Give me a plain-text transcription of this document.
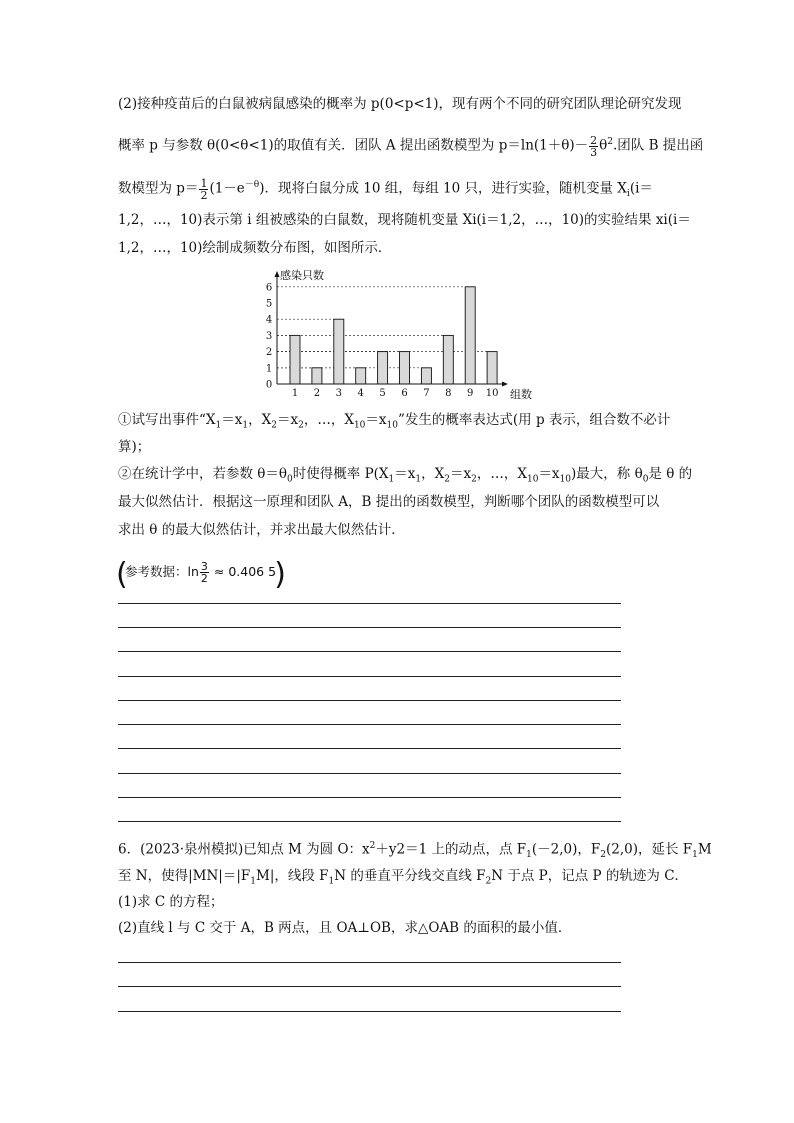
(2)接种疫苗后的白鼠被病鼠感染的概率为 p(0<p<1)，现有两个不同的研究团队理论研究发现
概率 p 与参数 θ(0<θ<1)的取值有关．团队 A 提出函数模型为 $p=\ln(1+\theta)- \frac{2}{3} \theta^2$.团队 B 提出函
数模型为 $p= \frac{1}{2} (1-e^{-\theta})$．现将白鼠分成 10 组，每组 10 只，进行实验，随机变量 $X_i(i=$
1,2，…，10)表示第 i 组被感染的白鼠数，现将随机变量 Xi(i＝1,2，…，10)的实验结果 xi(i＝
1,2，…，10)绘制成频数分布图，如图所示．
感染只数
组数
0
1
2
3
4
5
6
1 2 3 4 5 6 7 8 9 10
①试写出事件“$X_1=x_1$，$X_2=x_2$，…，$X_{10}=x_{10}$”发生的概率表达式(用 p 表示，组合数不必计
算)；
②在统计学中，若参数 $\theta=\theta_0$时使得概率 $P(X_1=x_1$，$X_2=x_2$，…，$X_{10}=x_{10}$)最大，称 $\theta_0$是 θ 的
最大似然估计．根据这一原理和团队 A，B 提出的函数模型，判断哪个团队的函数模型可以
求出 θ 的最大似然估计，并求出最大似然估计．
(	)
参考数据：$\ln \frac{3}{2} \approx 0.406$ 5
6．(2023·泉州模拟)已知点 M 为圆 O：$x^2+y2=1$ 上的动点，点 $F_1(-2,0)$，$F_2(2,0)$，延长 $F_1M$
至 N，使得$|MN|=|F_1M|$，线段 $F_1N$ 的垂直平分线交直线 $F_2N$ 于点 P，记点 P 的轨迹为 C．
(1)求 C 的方程；
(2)直线 l 与 C 交于 A，B 两点，且 OA⊥OB，求△OAB 的面积的最小值．
